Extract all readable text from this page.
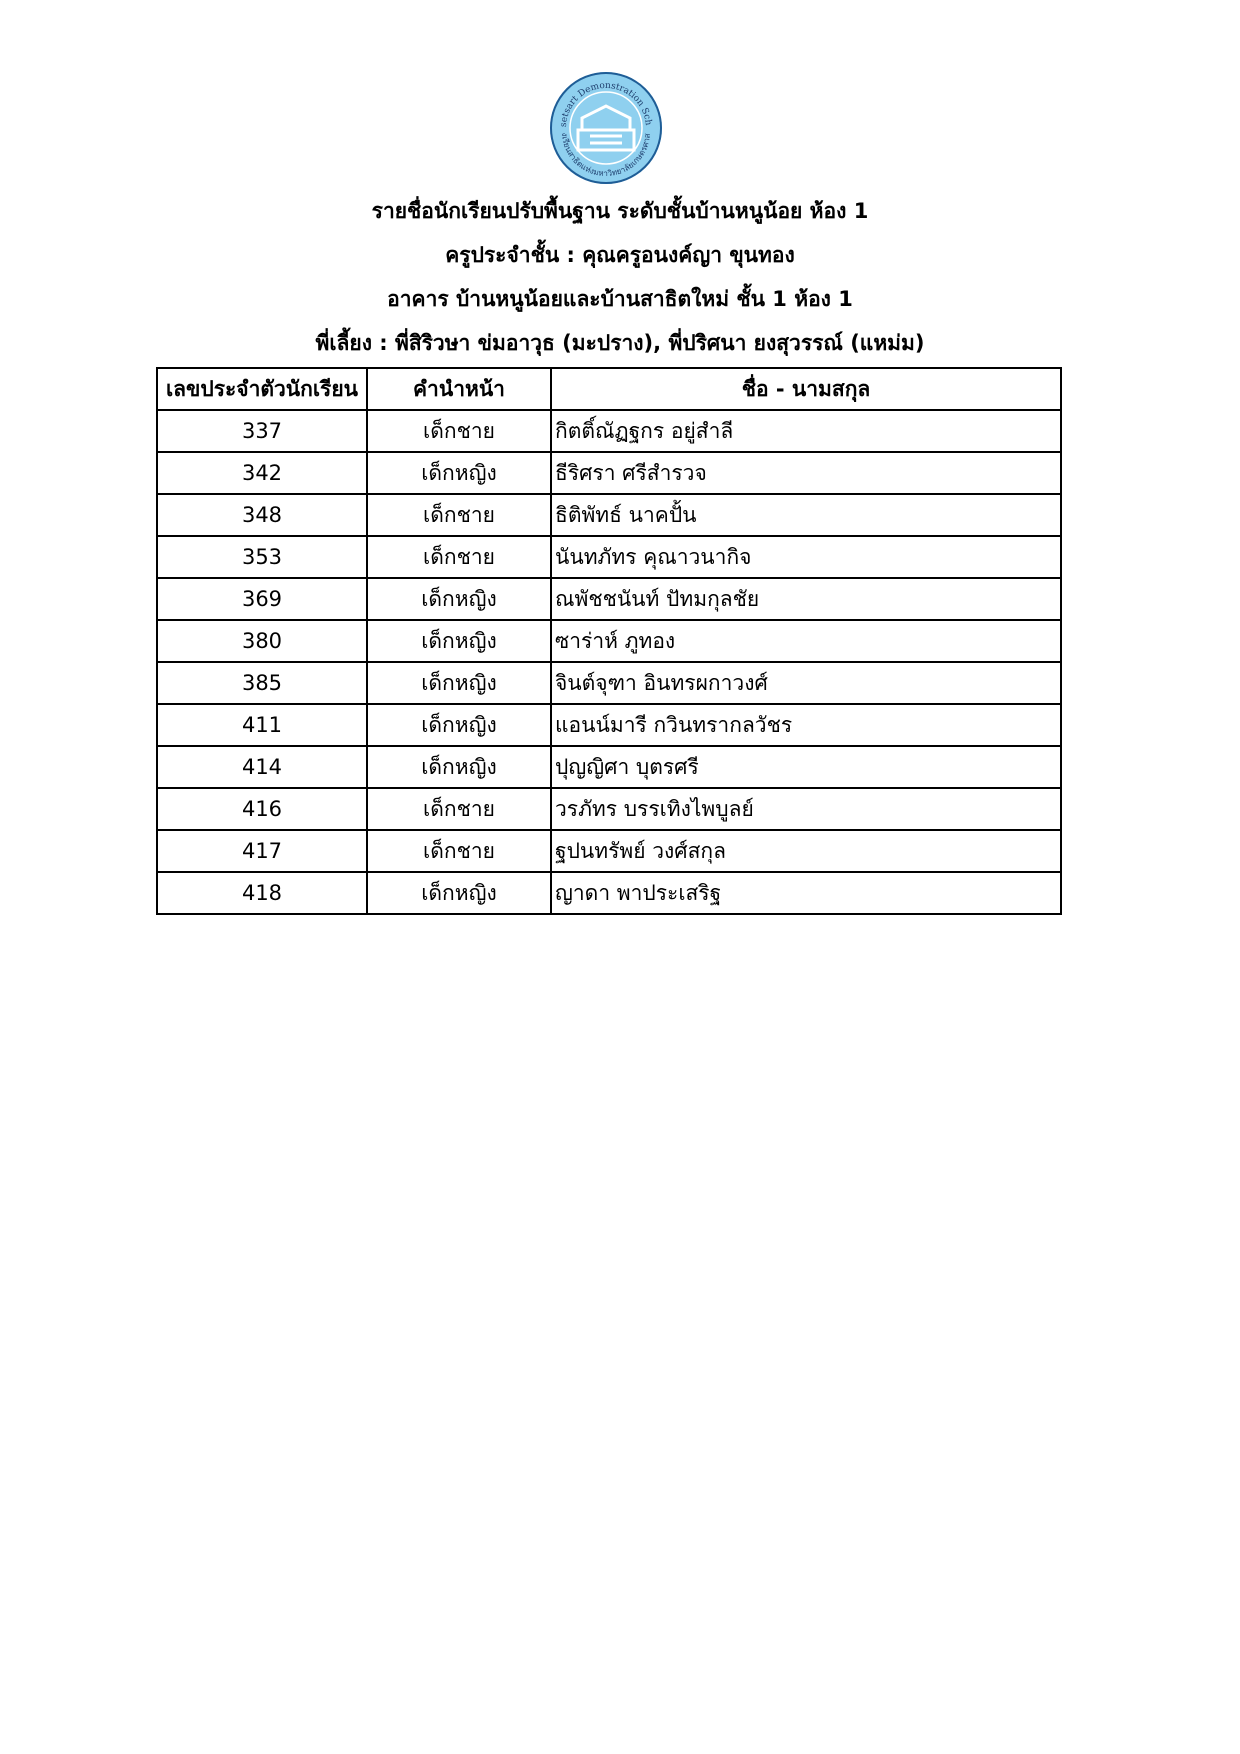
setsart Demonstration Sch
งเรียนสาธิตแห่งมหาวิทยาลัยเกษตรศาส
รายชื่อนักเรียนปรับพื้นฐาน ระดับชั้นบ้านหนูน้อย ห้อง 1
ครูประจำชั้น : คุณครูอนงค์ญา ขุนทอง
อาคาร บ้านหนูน้อยและบ้านสาธิตใหม่ ชั้น 1 ห้อง 1
พี่เลี้ยง : พี่สิริวษา ข่มอาวุธ (มะปราง), พี่ปริศนา ยงสุวรรณ์ (แหม่ม)
เลขประจำตัวนักเรียน	คำนำหน้า	ชื่อ - นามสกุล
337	เด็กชาย	กิตติ์ณัฏฐกร อยู่สำลี
342	เด็กหญิง	ธีริศรา ศรีสำรวจ
348	เด็กชาย	ธิติพัทธ์ นาคปั้น
353	เด็กชาย	นันทภัทร คุณาวนากิจ
369	เด็กหญิง	ณพัชชนันท์ ปัทมกุลชัย
380	เด็กหญิง	ซาร่าห์ ภูทอง
385	เด็กหญิง	จินต์จุฑา อินทรผกาวงศ์
411	เด็กหญิง	แอนน์มารี กวินทรากลวัชร
414	เด็กหญิง	ปุญญิศา บุตรศรี
416	เด็กชาย	วรภัทร บรรเทิงไพบูลย์
417	เด็กชาย	ฐปนทรัพย์ วงศ์สกุล
418	เด็กหญิง	ญาดา พาประเสริฐ
